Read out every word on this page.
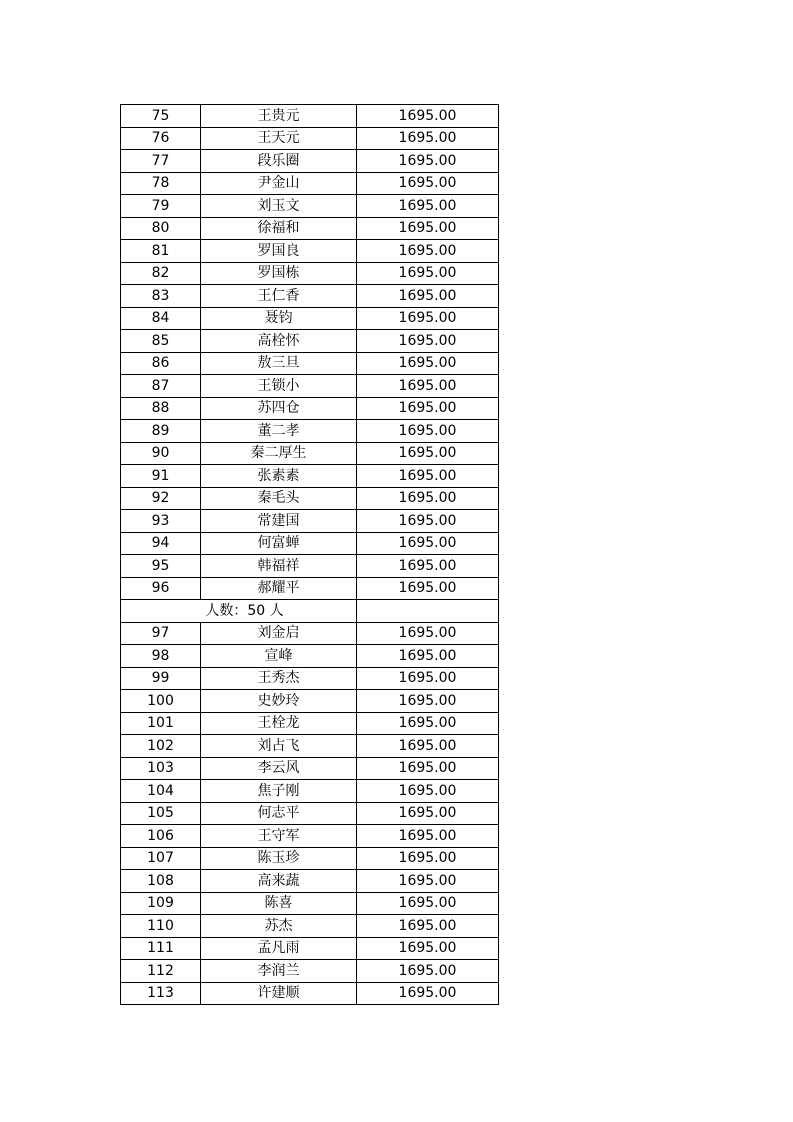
75	王贵元	1695.00
76	王天元	1695.00
77	段乐圈	1695.00
78	尹金山	1695.00
79	刘玉文	1695.00
80	徐福和	1695.00
81	罗国良	1695.00
82	罗国栋	1695.00
83	王仁香	1695.00
84	聂钧	1695.00
85	高栓怀	1695.00
86	敖三旦	1695.00
87	王锁小	1695.00
88	苏四仓	1695.00
89	董二孝	1695.00
90	秦二厚生	1695.00
91	张素素	1695.00
92	秦毛头	1695.00
93	常建国	1695.00
94	何富蝉	1695.00
95	韩福祥	1695.00
96	郝耀平	1695.00
人数：50 人		
97	刘金启	1695.00
98	宣峰	1695.00
99	王秀杰	1695.00
100	史妙玲	1695.00
101	王栓龙	1695.00
102	刘占飞	1695.00
103	李云风	1695.00
104	焦子刚	1695.00
105	何志平	1695.00
106	王守军	1695.00
107	陈玉珍	1695.00
108	高来蔬	1695.00
109	陈喜	1695.00
110	苏杰	1695.00
111	孟凡雨	1695.00
112	李润兰	1695.00
113	许建顺	1695.00
